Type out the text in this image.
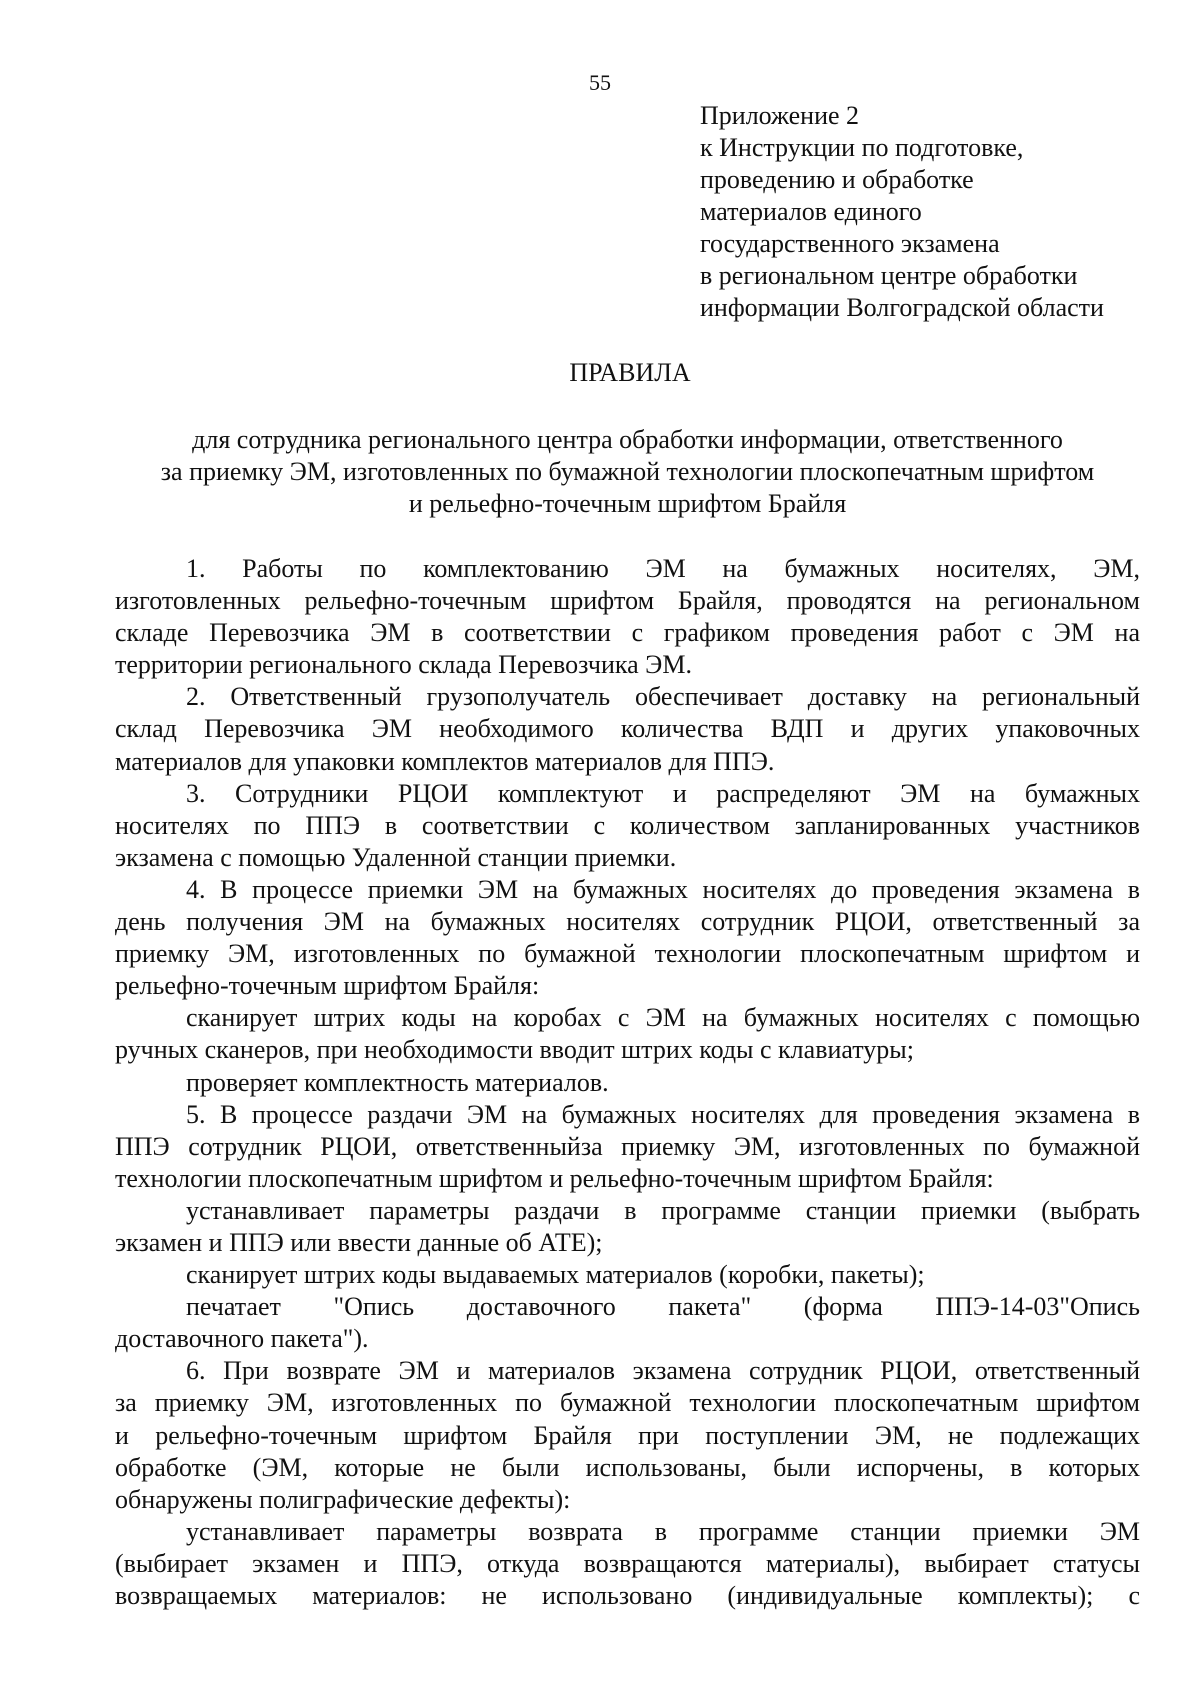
55
Приложение 2
к Инструкции по подготовке,
проведению и обработке
материалов единого
государственного экзамена
в региональном центре обработки
информации Волгоградской области
ПРАВИЛА
для сотрудника регионального центра обработки информации, ответственного
за приемку ЭМ, изготовленных по бумажной технологии плоскопечатным шрифтом
и рельефно-точечным шрифтом Брайля
1. Работы по комплектованию ЭМ на бумажных носителях, ЭМ,
изготовленных рельефно-точечным шрифтом Брайля, проводятся на региональном
складе Перевозчика ЭМ в соответствии с графиком проведения работ с ЭМ на
территории регионального склада Перевозчика ЭМ.
2. Ответственный грузополучатель обеспечивает доставку на региональный
склад Перевозчика ЭМ необходимого количества ВДП и других упаковочных
материалов для упаковки комплектов материалов для ППЭ.
3. Сотрудники РЦОИ комплектуют и распределяют ЭМ на бумажных
носителях по ППЭ в соответствии с количеством запланированных участников
экзамена с помощью Удаленной станции приемки.
4. В процессе приемки ЭМ на бумажных носителях до проведения экзамена в
день получения ЭМ на бумажных носителях сотрудник РЦОИ, ответственный за
приемку ЭМ, изготовленных по бумажной технологии плоскопечатным шрифтом и
рельефно-точечным шрифтом Брайля:
сканирует штрих коды на коробах с ЭМ на бумажных носителях с помощью
ручных сканеров, при необходимости вводит штрих коды с клавиатуры;
проверяет комплектность материалов.
5. В процессе раздачи ЭМ на бумажных носителях для проведения экзамена в
ППЭ сотрудник РЦОИ, ответственныйза приемку ЭМ, изготовленных по бумажной
технологии плоскопечатным шрифтом и рельефно-точечным шрифтом Брайля:
устанавливает параметры раздачи в программе станции приемки (выбрать
экзамен и ППЭ или ввести данные об АТЕ);
сканирует штрих коды выдаваемых материалов (коробки, пакеты);
печатает "Опись доставочного пакета" (форма ППЭ-14-03"Опись
доставочного пакета").
6. При возврате ЭМ и материалов экзамена сотрудник РЦОИ, ответственный
за приемку ЭМ, изготовленных по бумажной технологии плоскопечатным шрифтом
и рельефно-точечным шрифтом Брайля при поступлении ЭМ, не подлежащих
обработке (ЭМ, которые не были использованы, были испорчены, в которых
обнаружены полиграфические дефекты):
устанавливает параметры возврата в программе станции приемки ЭМ
(выбирает экзамен и ППЭ, откуда возвращаются материалы), выбирает статусы
возвращаемых материалов: не использовано (индивидуальные комплекты); с
